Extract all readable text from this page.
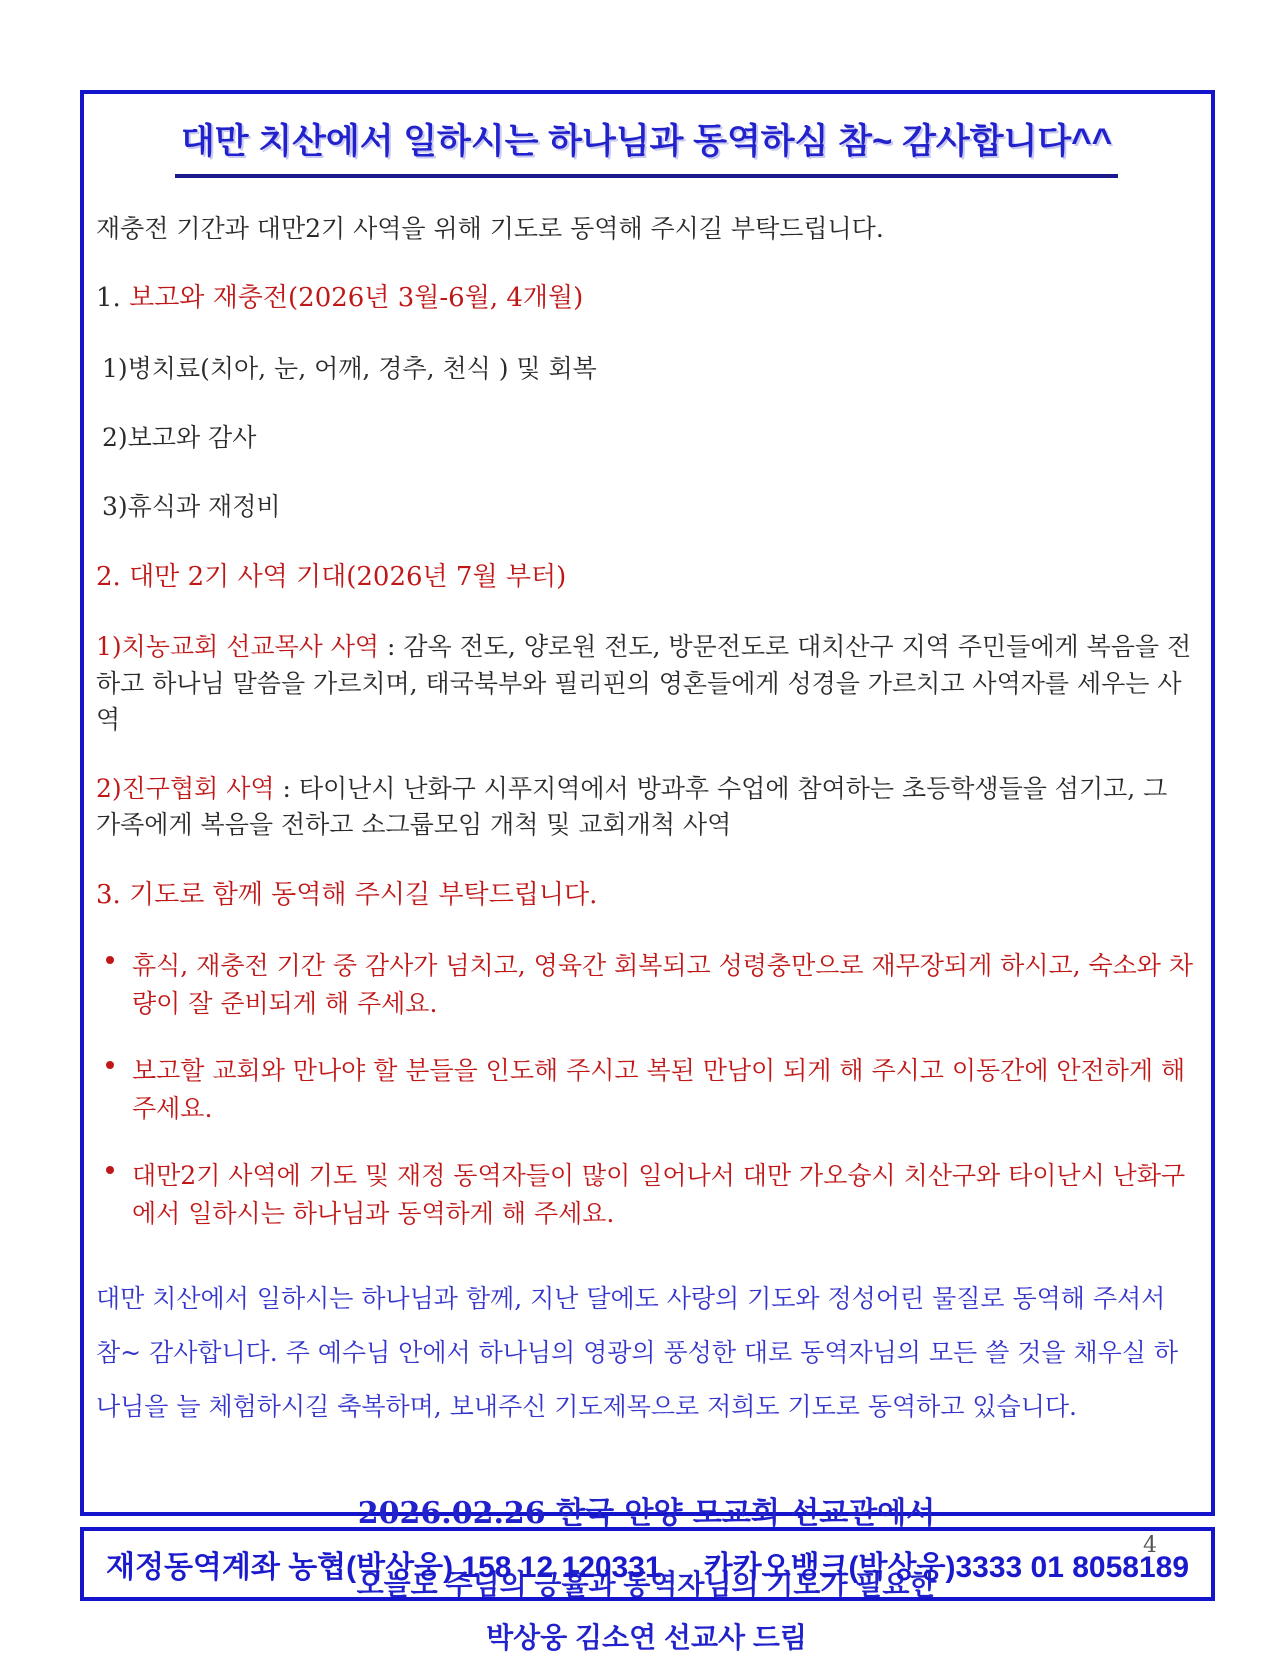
대만 치산에서 일하시는 하나님과 동역하심 참~ 감사합니다^^

재충전 기간과 대만2기 사역을 위해 기도로 동역해 주시길 부탁드립니다.

1. 보고와 재충전(2026년 3월-6월, 4개월)

1)병치료(치아, 눈, 어깨, 경추, 천식 ) 및 회복

2)보고와 감사

3)휴식과 재정비

2. 대만 2기 사역 기대(2026년 7월 부터)

1)치농교회 선교목사 사역 : 감옥 전도, 양로원 전도, 방문전도로 대치산구 지역 주민들에게 복음을 전하고 하나님 말씀을 가르치며, 태국북부와 필리핀의 영혼들에게 성경을 가르치고 사역자를 세우는 사역

2)진구협회 사역 : 타이난시 난화구 시푸지역에서 방과후 수업에 참여하는 초등학생들을 섬기고, 그 가족에게 복음을 전하고 소그룹모임 개척 및 교회개척 사역

3. 기도로 함께 동역해 주시길 부탁드립니다.

휴식, 재충전 기간 중 감사가 넘치고, 영육간 회복되고 성령충만으로 재무장되게 하시고, 숙소와 차량이 잘 준비되게 해 주세요.
보고할 교회와 만나야 할 분들을 인도해 주시고 복된 만남이 되게 해 주시고 이동간에 안전하게 해 주세요.
대만2기 사역에 기도 및 재정 동역자들이 많이 일어나서 대만 가오슝시 치산구와 타이난시 난화구에서 일하시는 하나님과 동역하게 해 주세요.

대만 치산에서 일하시는 하나님과 함께, 지난 달에도 사랑의 기도와 정성어린 물질로 동역해 주셔서 참~ 감사합니다. 주 예수님 안에서 하나님의 영광의 풍성한 대로 동역자님의 모든 쓸 것을 채우실 하나님을 늘 체험하시길 축복하며, 보내주신 기도제목으로 저희도 기도로 동역하고 있습니다.

2026.02.26 한국 안양 모교회 선교관에서
오늘도 주님의 긍휼과 동역자님의 기도가 필요한
박상웅 김소연 선교사 드림
4
재정동역계좌 농협(박상웅) 158 12 120331 카카오뱅크(박상웅)3333 01 8058189
